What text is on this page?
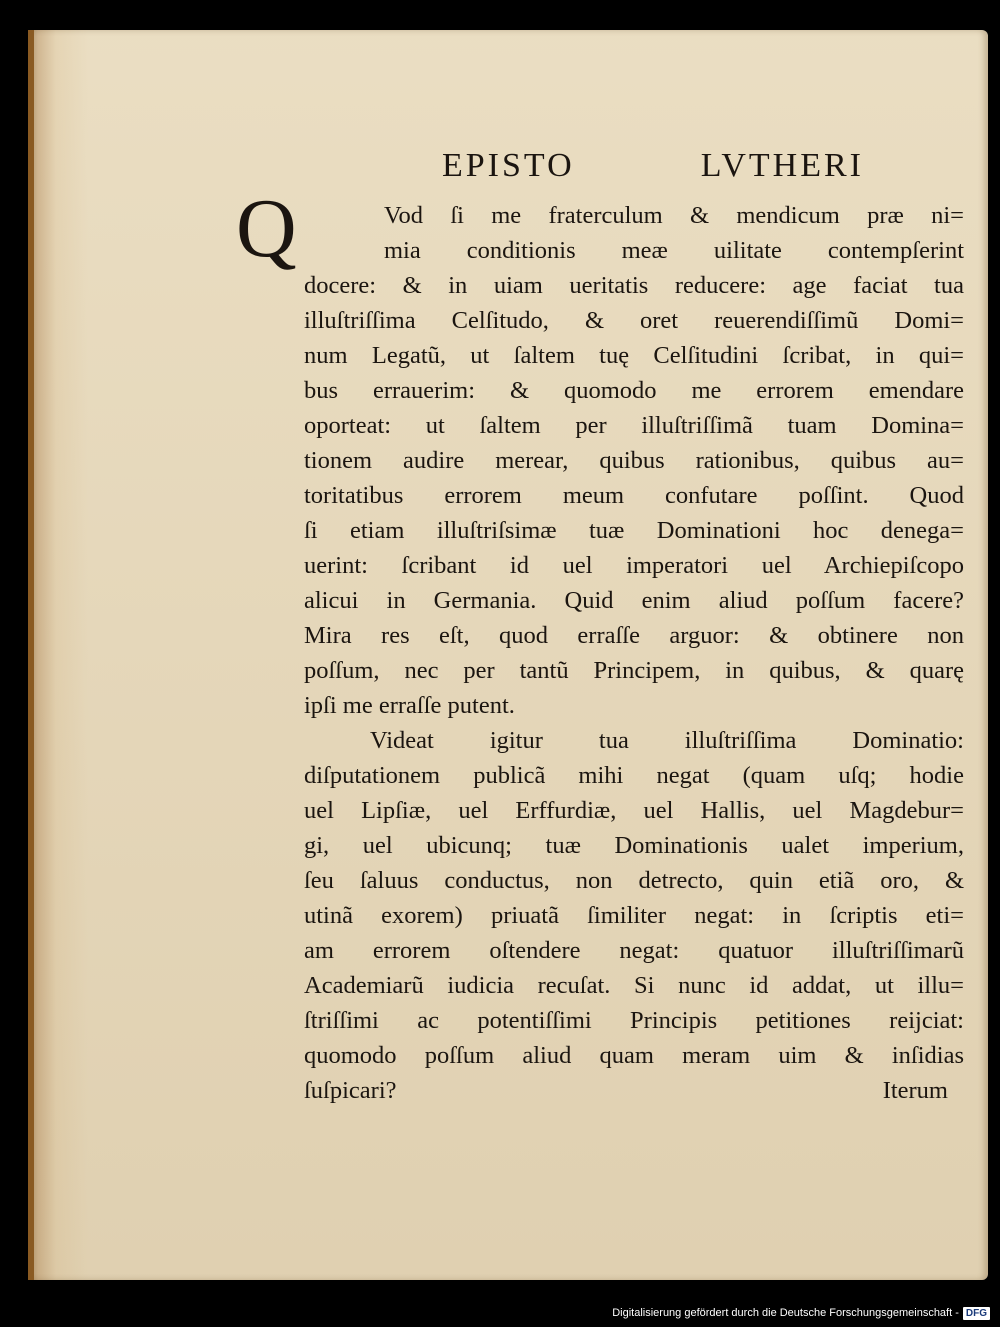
EPISTO	LVTHERI
Q	Vod ſi me fraterculum & mendicum præ ni=
mia conditionis meæ uilitate contempſerint
docere: & in uiam ueritatis reducere: age faciat tua
illuſtriſſima Celſitudo, & oret reuerendiſſimũ Domi=
num Legatũ, ut ſaltem tuę Celſitudini ſcribat, in qui=
bus errauerim: & quomodo me errorem emendare
oporteat: ut ſaltem per illuſtriſſimã tuam Domina=
tionem audire merear, quibus rationibus, quibus au=
toritatibus errorem meum confutare poſſint. Quod
ſi etiam illuſtriſsimæ tuæ Dominationi hoc denega=
uerint: ſcribant id uel imperatori uel Archiepiſcopo
alicui in Germania. Quid enim aliud poſſum facere?
Mira res eſt, quod erraſſe arguor: & obtinere non
poſſum, nec per tantũ Principem, in quibus, & quarę
ipſi me erraſſe putent.
Videat igitur tua illuſtriſſima Dominatio:
diſputationem publicã mihi negat (quam uſq; hodie
uel Lipſiæ, uel Erffurdiæ, uel Hallis, uel Magdebur=
gi, uel ubicunq; tuæ Dominationis ualet imperium,
ſeu ſaluus conductus, non detrecto, quin etiã oro, &
utinã exorem) priuatã ſimiliter negat: in ſcriptis eti=
am errorem oſtendere negat: quatuor illuſtriſſimarũ
Academiarũ iudicia recuſat. Si nunc id addat, ut illu=
ſtriſſimi ac potentiſſimi Principis petitiones reijciat:
quomodo poſſum aliud quam meram uim & inſidias
ſuſpicari?	Iterum
Digitalisierung gefördert durch die Deutsche Forschungsgemeinschaft - DFG
